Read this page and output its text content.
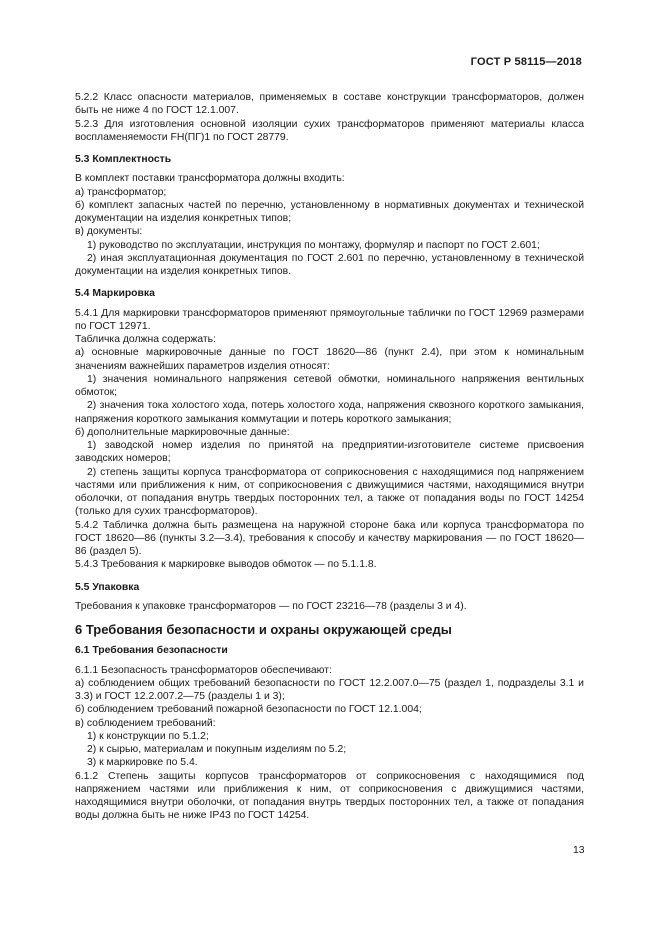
ГОСТ Р 58115—2018

5.2.2 Класс опасности материалов, применяемых в составе конструкции трансформаторов, должен быть не ниже 4 по ГОСТ 12.1.007.

5.2.3 Для изготовления основной изоляции сухих трансформаторов применяют материалы класса воспламеняемости FH(ПГ)1 по ГОСТ 28779.

5.3 Комплектность

В комплект поставки трансформатора должны входить:

а) трансформатор;

б) комплект запасных частей по перечню, установленному в нормативных документах и технической документации на изделия конкретных типов;

в) документы:

1) руководство по эксплуатации, инструкция по монтажу, формуляр и паспорт по ГОСТ 2.601;

2) иная эксплуатационная документация по ГОСТ 2.601 по перечню, установленному в технической документации на изделия конкретных типов.

5.4 Маркировка

5.4.1 Для маркировки трансформаторов применяют прямоугольные таблички по ГОСТ 12969 размерами по ГОСТ 12971.

Табличка должна содержать:

а) основные маркировочные данные по ГОСТ 18620—86 (пункт 2.4), при этом к номинальным значениям важнейших параметров изделия относят:

1) значения номинального напряжения сетевой обмотки, номинального напряжения вентильных обмоток;

2) значения тока холостого хода, потерь холостого хода, напряжения сквозного короткого замыкания, напряжения короткого замыкания коммутации и потерь короткого замыкания;

б) дополнительные маркировочные данные:

1) заводской номер изделия по принятой на предприятии-изготовителе системе присвоения заводских номеров;

2) степень защиты корпуса трансформатора от соприкосновения с находящимися под напряжением частями или приближения к ним, от соприкосновения с движущимися частями, находящимися внутри оболочки, от попадания внутрь твердых посторонних тел, а также от попадания воды по ГОСТ 14254 (только для сухих трансформаторов).

5.4.2 Табличка должна быть размещена на наружной стороне бака или корпуса трансформатора по ГОСТ 18620—86 (пункты 3.2—3.4), требования к способу и качеству маркирования — по ГОСТ 18620—86 (раздел 5).

5.4.3 Требования к маркировке выводов обмоток — по 5.1.1.8.

5.5 Упаковка

Требования к упаковке трансформаторов — по ГОСТ 23216—78 (разделы 3 и 4).

6 Требования безопасности и охраны окружающей среды
6.1 Требования безопасности

6.1.1 Безопасность трансформаторов обеспечивают:

а) соблюдением общих требований безопасности по ГОСТ 12.2.007.0—75 (раздел 1, подразделы 3.1 и 3.3) и ГОСТ 12.2.007.2—75 (разделы 1 и 3);

б) соблюдением требований пожарной безопасности по ГОСТ 12.1.004;

в) соблюдением требований:

1) к конструкции по 5.1.2;

2) к сырью, материалам и покупным изделиям по 5.2;

3) к маркировке по 5.4.

6.1.2 Степень защиты корпусов трансформаторов от соприкосновения с находящимися под напряжением частями или приближения к ним, от соприкосновения с движущимися частями, находящимися внутри оболочки, от попадания внутрь твердых посторонних тел, а также от попадания воды должна быть не ниже IP43 по ГОСТ 14254.

13
